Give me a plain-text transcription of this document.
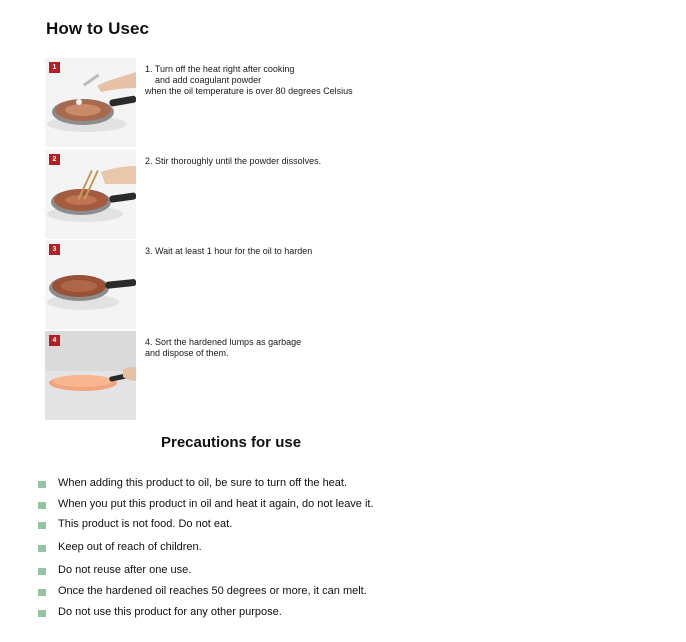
How to Usec
1	1. Turn off the heat right after cooking
and add coagulant powder
when the oil temperature is over 80 degrees Celsius
2	2. Stir thoroughly until the powder dissolves.
3	3. Wait at least 1 hour for the oil to harden
4	4. Sort the hardened lumps as garbage
and dispose of them.
Precautions for use
When adding this product to oil, be sure to turn off the heat.
When you put this product in oil and heat it again, do not leave it.
This product is not food. Do not eat.
Keep out of reach of children.
Do not reuse after one use.
Once the hardened oil reaches 50 degrees or more, it can melt.
Do not use this product for any other purpose.
